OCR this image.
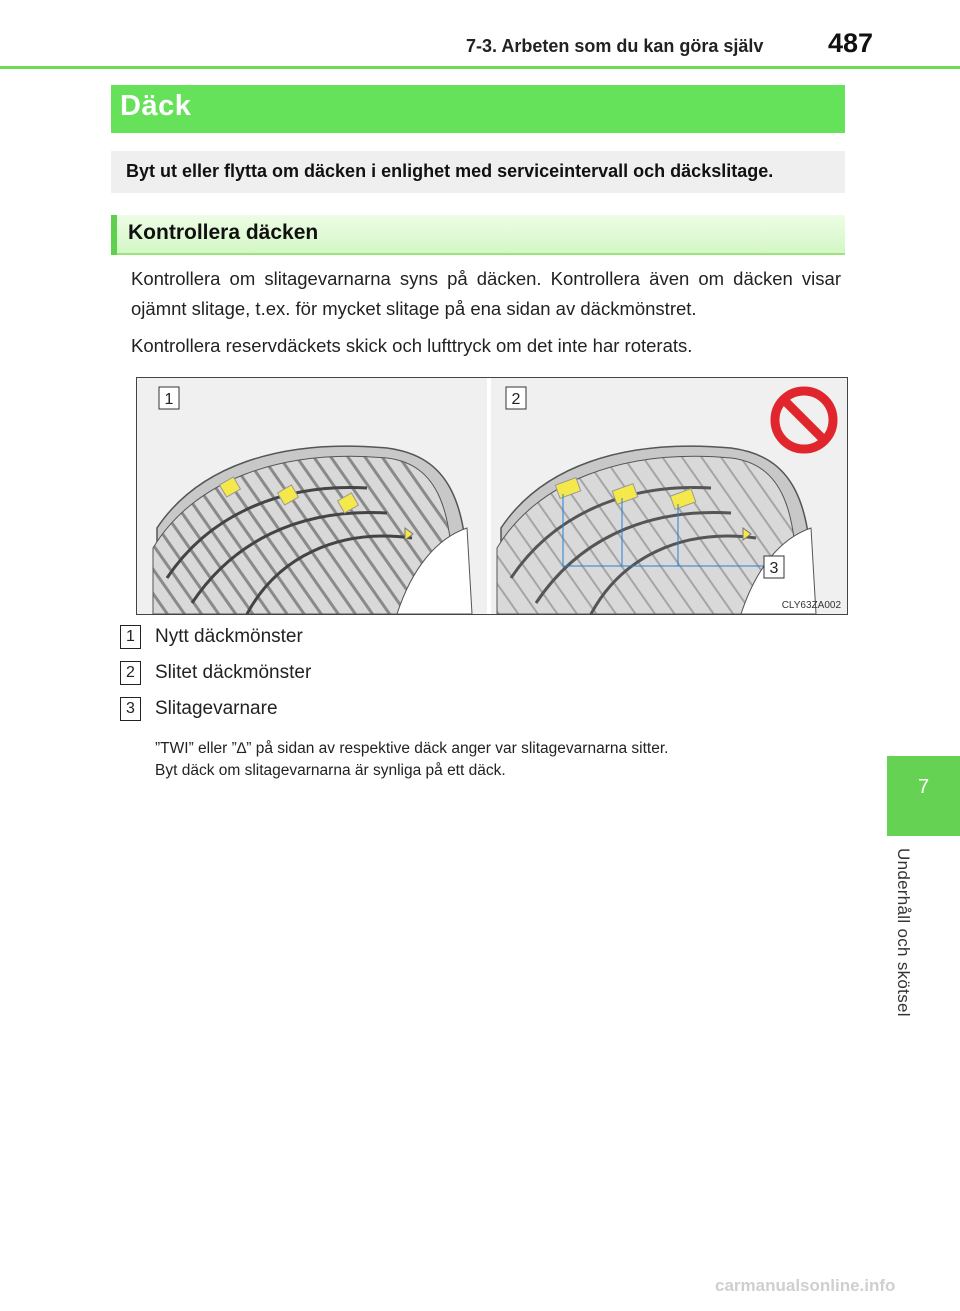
7-3. Arbeten som du kan göra själv 487
Däck
Byt ut eller flytta om däcken i enlighet med serviceintervall och däckslitage.
Kontrollera däcken
Kontrollera om slitagevarnarna syns på däcken. Kontrollera även om däcken visar ojämnt slitage, t.ex. för mycket slitage på ena sidan av däckmönstret.
Kontrollera reservdäckets skick och lufttryck om det inte har roterats.
1	2
3
CLY63ZA002
1 Nytt däckmönster
2 Slitet däckmönster
3 Slitagevarnare
”TWI” eller ”∆” på sidan av respektive däck anger var slitagevarnarna sitter.
Byt däck om slitagevarnarna är synliga på ett däck.
7
Underhåll och skötsel
carmanualsonline.info
